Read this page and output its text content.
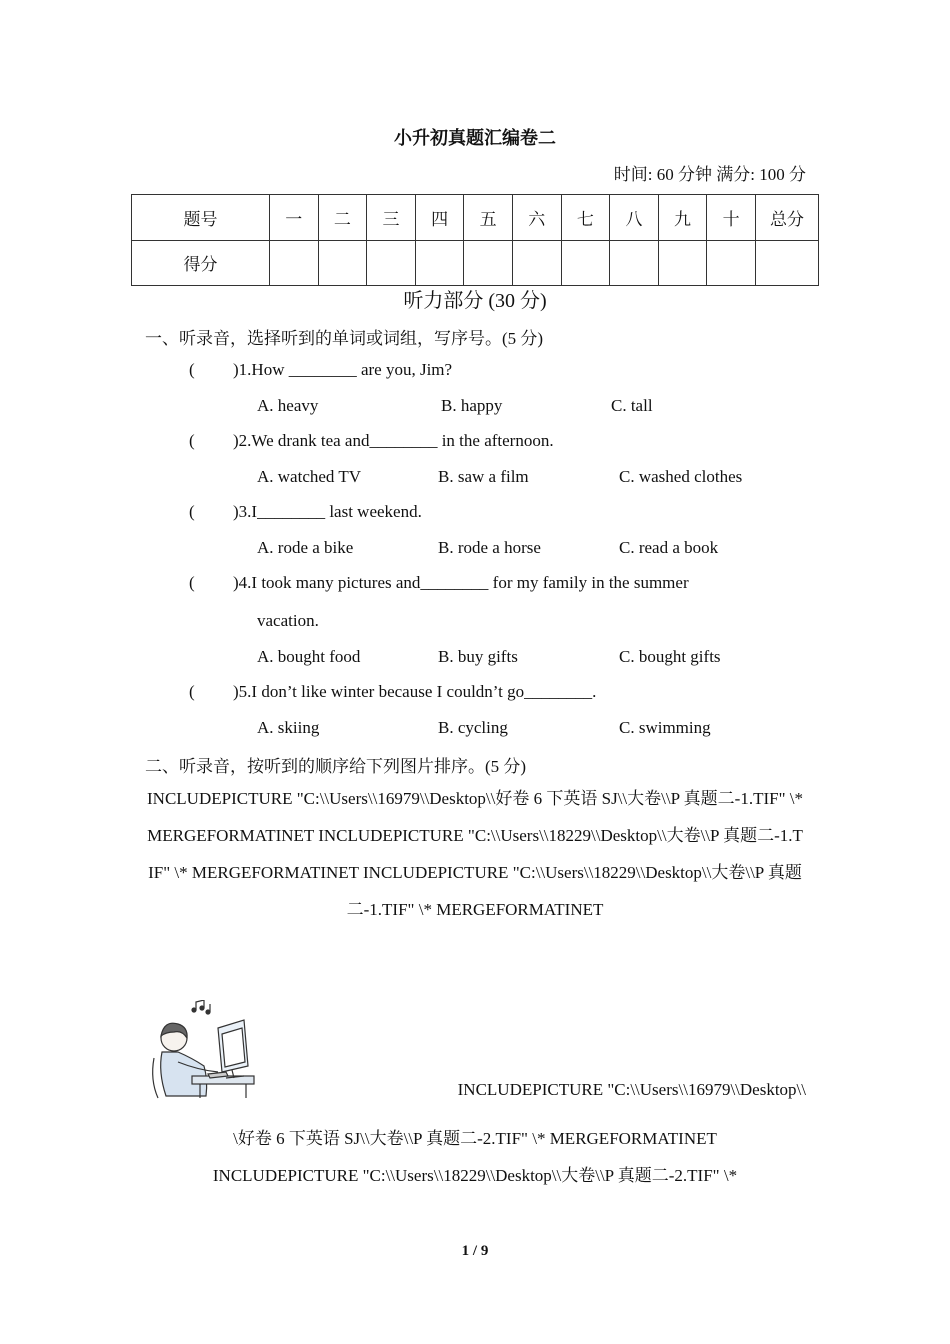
小升初真题汇编卷二
时间: 60 分钟 满分: 100 分
题号	一	二	三	四	五	六	七	八	九	十	总分
得分											
听力部分 (30 分)
一、听录音，选择听到的单词或词组，写序号。(5 分)
( )1.How ________ are you, Jim?
A. heavy	B. happy	C. tall
( )2.We drank tea and________ in the afternoon.
A. watched TV	B. saw a film	C. washed clothes
( )3.I________ last weekend.
A. rode a bike	B. rode a horse	C. read a book
( )4.I took many pictures and________ for my family in the summer
vacation.
A. bought food	B. buy gifts	C. bought gifts
( )5.I don’t like winter because I couldn’t go________.
A. skiing	B. cycling	C. swimming
二、听录音，按听到的顺序给下列图片排序。(5 分)
INCLUDEPICTURE "C:\\Users\\16979\\Desktop\\好卷 6 下英语 SJ\\大卷\\P 真题二-1.TIF" \* MERGEFORMATINET INCLUDEPICTURE "C:\\Users\\18229\\Desktop\\大卷\\P 真题二-1.TIF" \* MERGEFORMATINET INCLUDEPICTURE "C:\\Users\\18229\\Desktop\\大卷\\P 真题二-1.TIF" \* MERGEFORMATINET
INCLUDEPICTURE "C:\\Users\\16979\\Desktop\\
\好卷 6 下英语 SJ\\大卷\\P 真题二-2.TIF" \* MERGEFORMATINET
INCLUDEPICTURE "C:\\Users\\18229\\Desktop\\大卷\\P 真题二-2.TIF" \*
1 / 9
